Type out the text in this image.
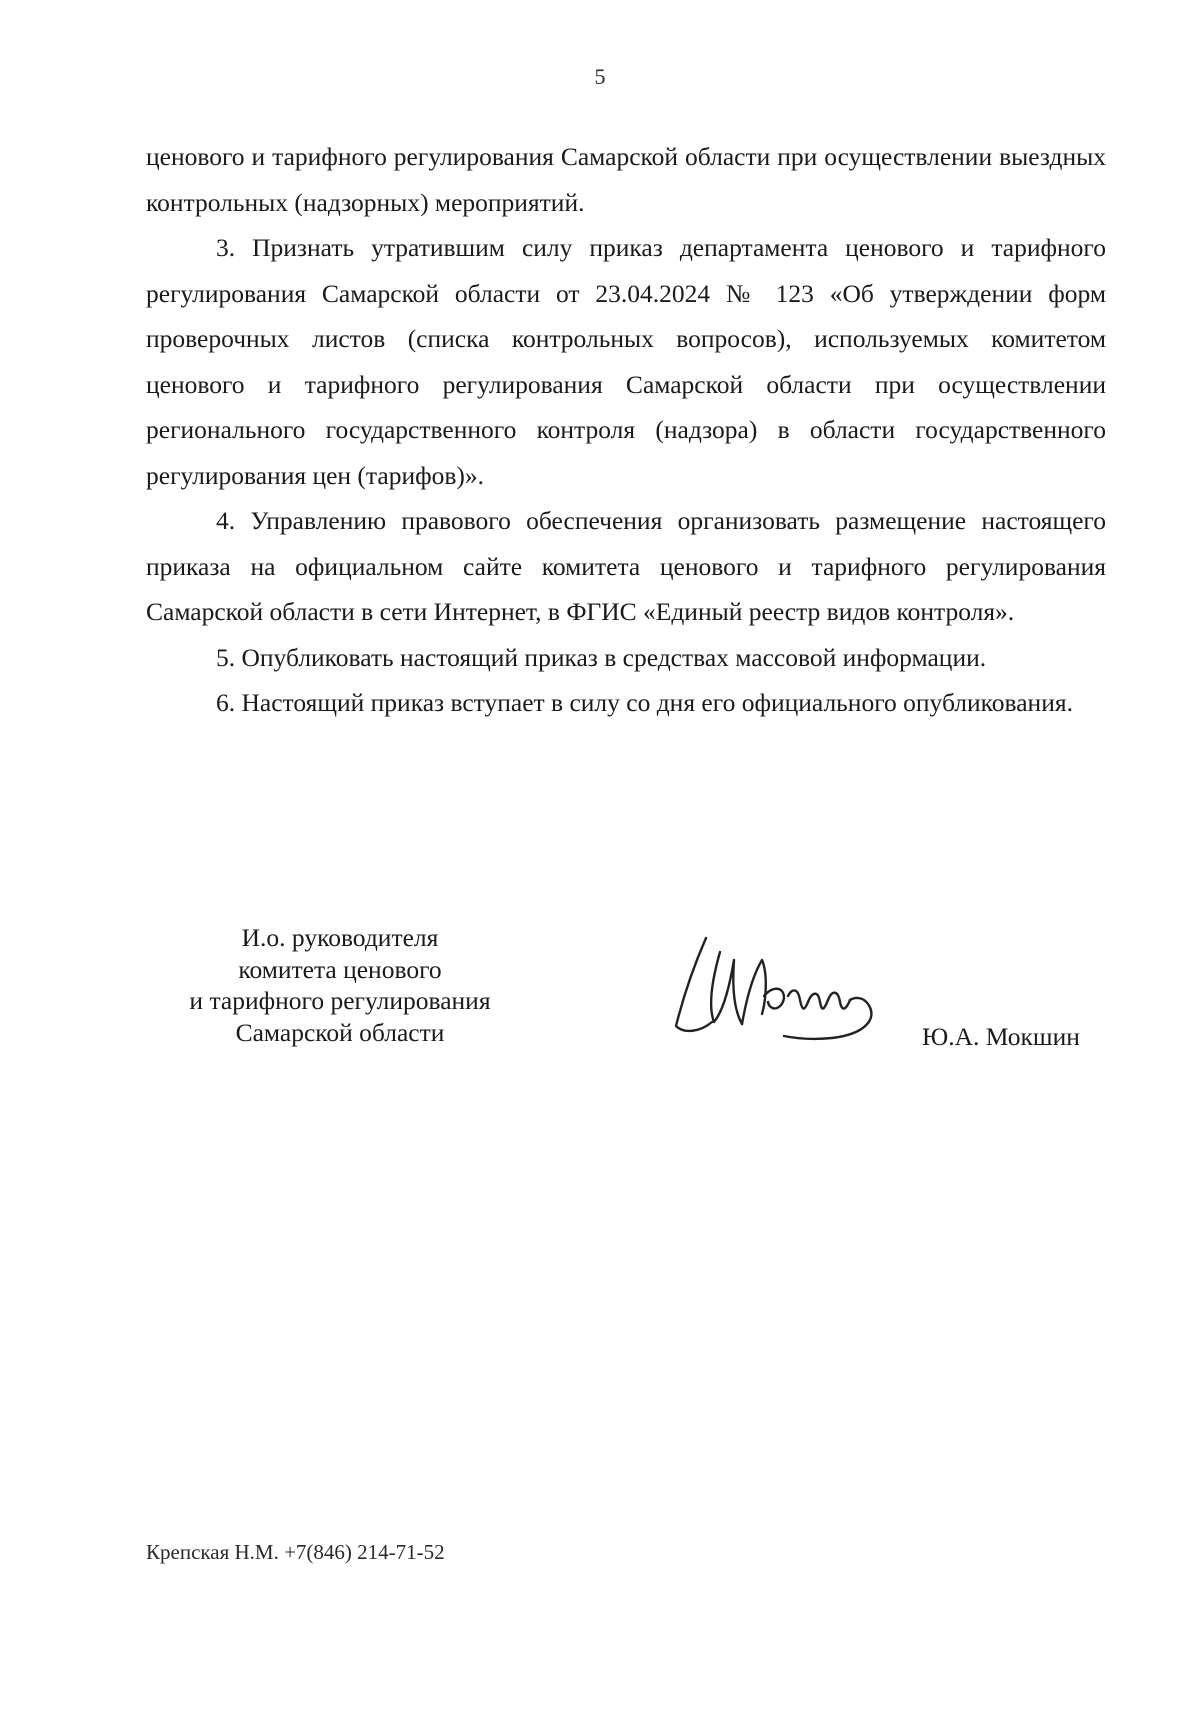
5

ценового и тарифного регулирования Самарской области при осуществлении выездных контрольных (надзорных) мероприятий.

3. Признать утратившим силу приказ департамента ценового и тарифного регулирования Самарской области от 23.04.2024 № 123 «Об утверждении форм проверочных листов (списка контрольных вопросов), используемых комитетом ценового и тарифного регулирования Самарской области при осуществлении регионального государственного контроля (надзора) в области государственного регулирования цен (тарифов)».

4. Управлению правового обеспечения организовать размещение настоящего приказа на официальном сайте комитета ценового и тарифного регулирования Самарской области в сети Интернет, в ФГИС «Единый реестр видов контроля».

5. Опубликовать настоящий приказ в средствах массовой информации.

6. Настоящий приказ вступает в силу со дня его официального опубликования.

И.о. руководителя
комитета ценового
и тарифного регулирования
Самарской области	Ю.А. Мокшин
Крепская Н.М. +7(846) 214-71-52
